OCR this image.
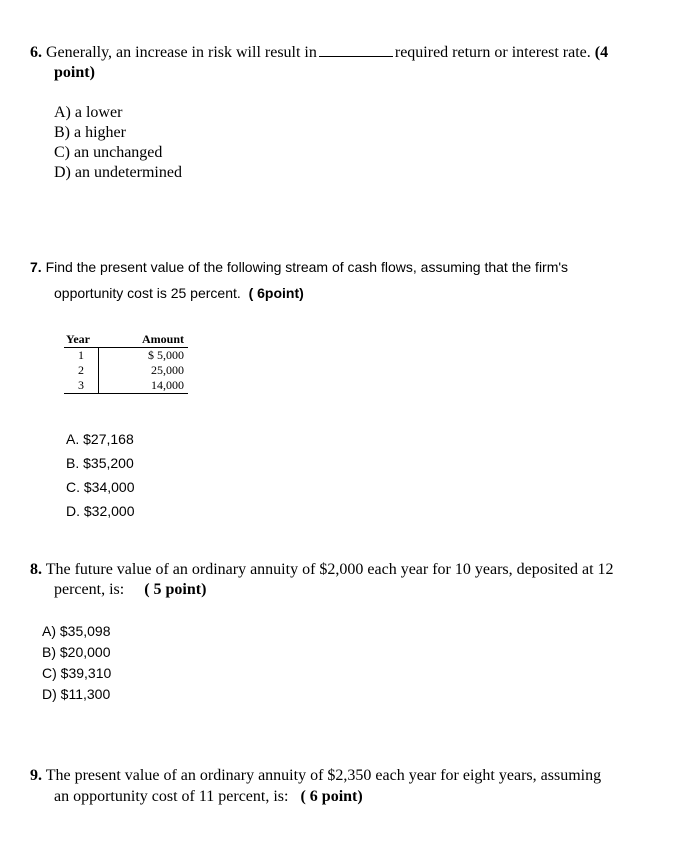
6. Generally, an increase in risk will result in	required return or interest rate. (4
point)
A) a lower
B) a higher
C) an unchanged
D) an undetermined
7. Find the present value of the following stream of cash flows, assuming that the firm's
opportunity cost is 25 percent. ( 6point)
Year	Amount
1	$ 5,000
2	25,000
3	14,000
A. $27,168
B. $35,200
C. $34,000
D. $32,000
8. The future value of an ordinary annuity of $2,000 each year for 10 years, deposited at 12
percent, is: ( 5 point)
A) $35,098
B) $20,000
C) $39,310
D) $11,300
9. The present value of an ordinary annuity of $2,350 each year for eight years, assuming
an opportunity cost of 11 percent, is: ( 6 point)
